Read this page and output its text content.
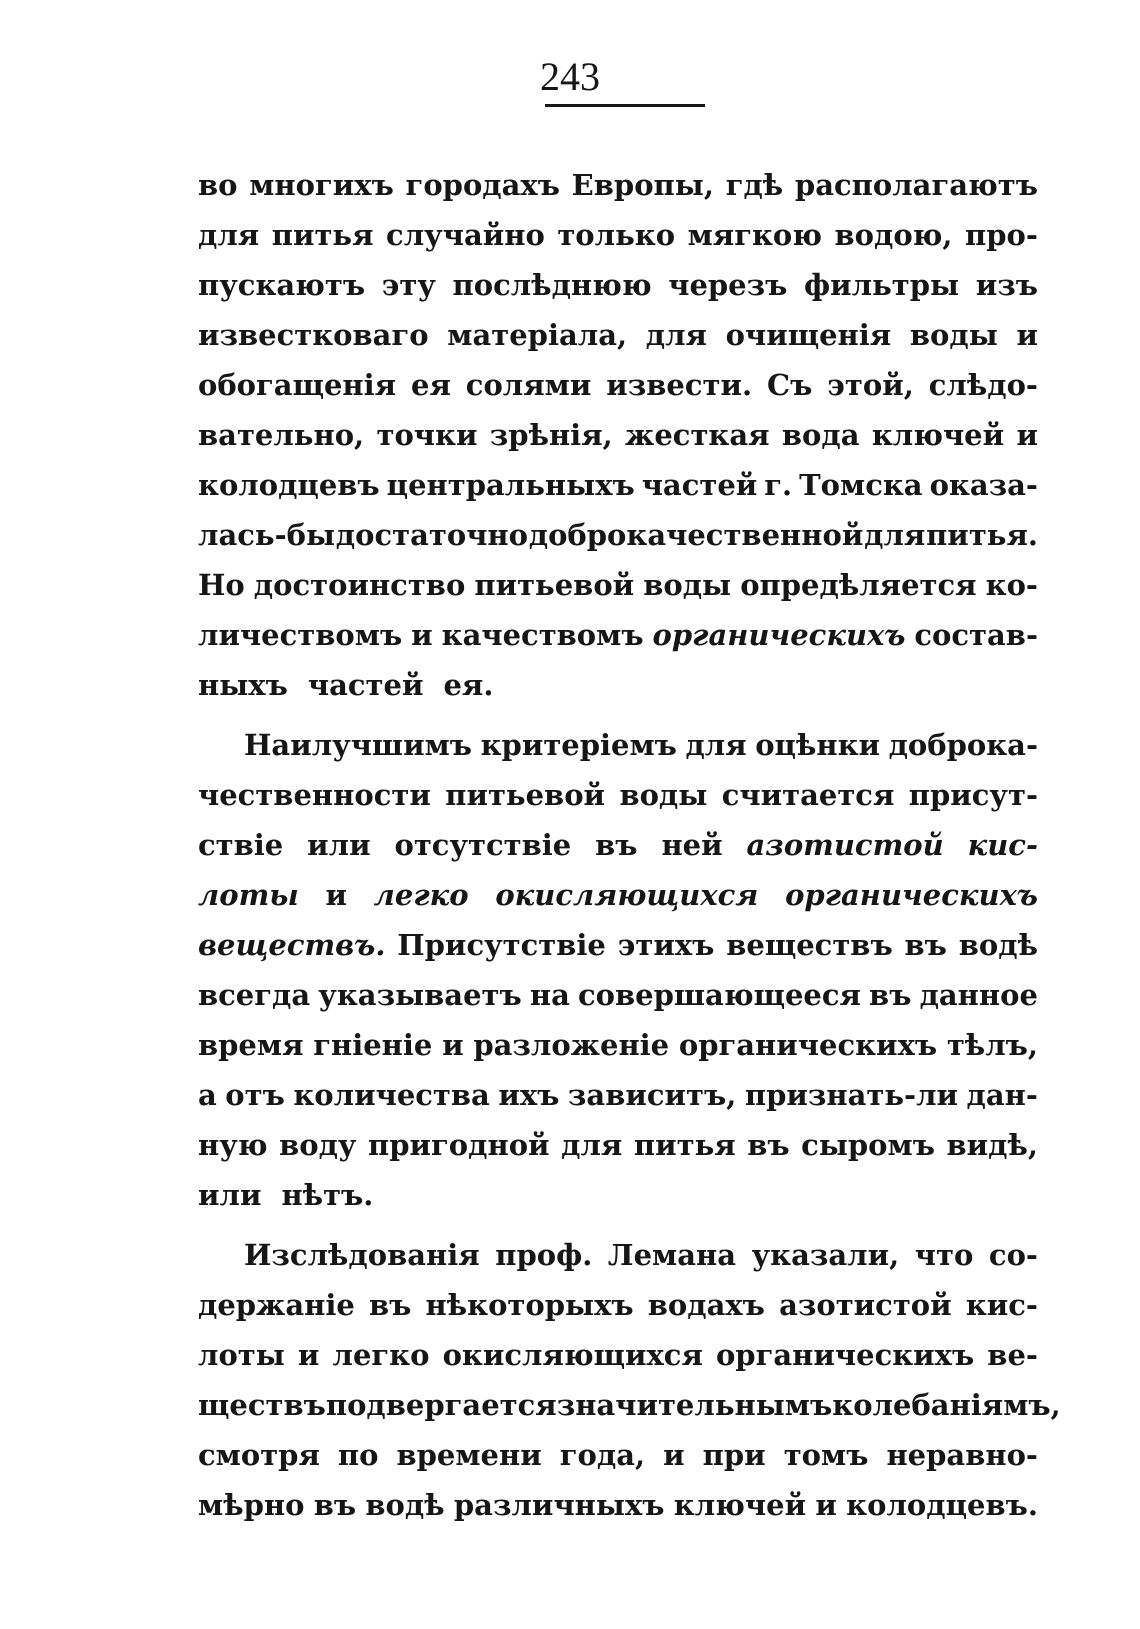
243
во многихъ городахъ Европы, гдѣ располагаютъ
для питья случайно только мягкою водою, про-
пускаютъ эту послѣднюю черезъ фильтры изъ
известковаго матеріала, для очищенія воды и
обогащенія ея солями извести. Съ этой, слѣдо-
вательно, точки зрѣнія, жесткая вода ключей и
колодцевъ центральныхъ частей г. Томска оказа-
лась-бы достаточно доброкачественной для питья.
Но достоинство питьевой воды опредѣляется ко-
личествомъ и качествомъ органическихъ состав-
ныхъ частей ея.
Наилучшимъ критеріемъ для оцѣнки доброка-
чественности питьевой воды считается присут-
ствіе или отсутствіе въ ней азотистой кис-
лоты и легко окисляющихся органическихъ
веществъ. Присутствіе этихъ веществъ въ водѣ
всегда указываетъ на совершающееся въ данное
время гніеніе и разложеніе органическихъ тѣлъ,
а отъ количества ихъ зависитъ, признать-ли дан-
ную воду пригодной для питья въ сыромъ видѣ,
или нѣтъ.
Изслѣдованія проф. Лемана указали, что со-
держаніе въ нѣкоторыхъ водахъ азотистой кис-
лоты и легко окисляющихся органическихъ ве-
ществъ подвергается значительнымъ колебаніямъ,
смотря по времени года, и при томъ неравно-
мѣрно въ водѣ различныхъ ключей и колодцевъ.
